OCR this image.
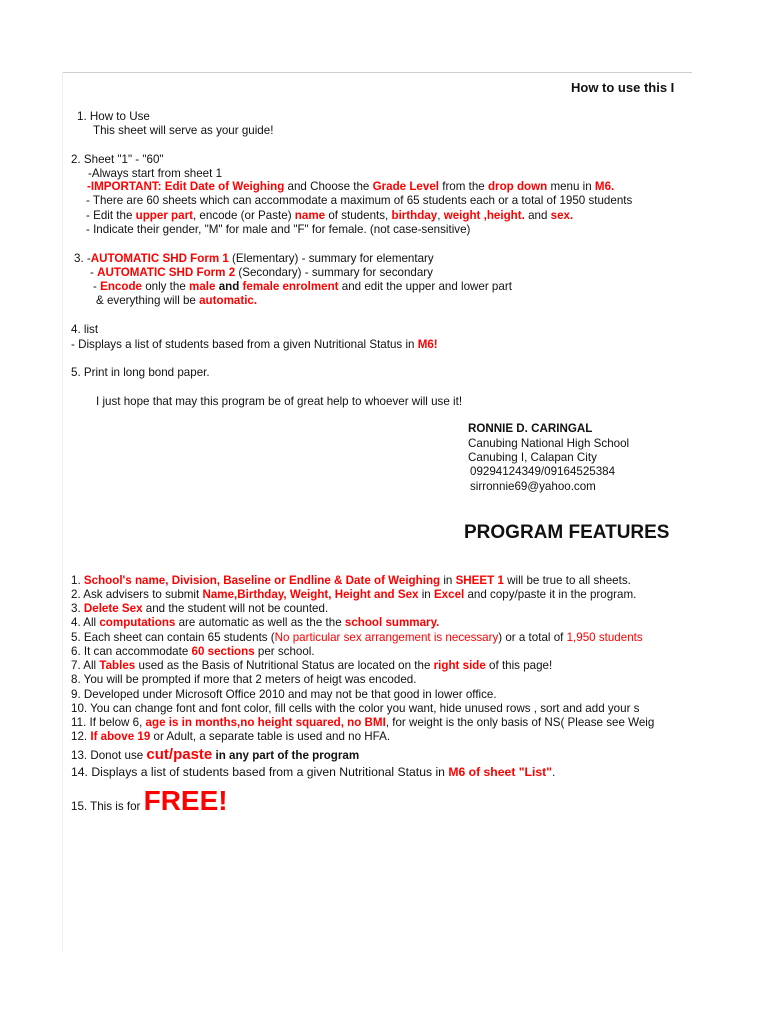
How to use this I
1. How to Use
This sheet will serve as your guide!
2. Sheet "1" - "60"
-Always start from sheet 1
-IMPORTANT: Edit Date of Weighing and Choose the Grade Level from the drop down menu in M6.
- There are 60 sheets which can accommodate a maximum of 65 students each or a total of 1950 students
- Edit the upper part, encode (or Paste) name of students, birthday, weight ,height. and sex.
- Indicate their gender, "M" for male and "F" for female. (not case-sensitive)
3. -AUTOMATIC SHD Form 1 (Elementary) - summary for elementary
- AUTOMATIC SHD Form 2 (Secondary) - summary for secondary
- Encode only the male and female enrolment and edit the upper and lower part
& everything will be automatic.
4. list
- Displays a list of students based from a given Nutritional Status in M6!
5. Print in long bond paper.
I just hope that may this program be of great help to whoever will use it!
RONNIE D. CARINGAL
Canubing National High School
Canubing I, Calapan City
09294124349/09164525384
sirronnie69@yahoo.com
PROGRAM FEATURES
1. School's name, Division, Baseline or Endline & Date of Weighing in SHEET 1 will be true to all sheets.
2. Ask advisers to submit Name,Birthday, Weight, Height and Sex in Excel and copy/paste it in the program.
3. Delete Sex and the student will not be counted.
4. All computations are automatic as well as the the school summary.
5. Each sheet can contain 65 students (No particular sex arrangement is necessary) or a total of 1,950 students
6. It can accommodate 60 sections per school.
7. All Tables used as the Basis of Nutritional Status are located on the right side of this page!
8. You will be prompted if more that 2 meters of heigt was encoded.
9. Developed under Microsoft Office 2010 and may not be that good in lower office.
10. You can change font and font color, fill cells with the color you want, hide unused rows , sort and add your s
11. If below 6, age is in months,no height squared, no BMI, for weight is the only basis of NS( Please see Weig
12. If above 19 or Adult, a separate table is used and no HFA.
13. Donot use cut/paste in any part of the program
14. Displays a list of students based from a given Nutritional Status in M6 of sheet "List".
15. This is for FREE!
